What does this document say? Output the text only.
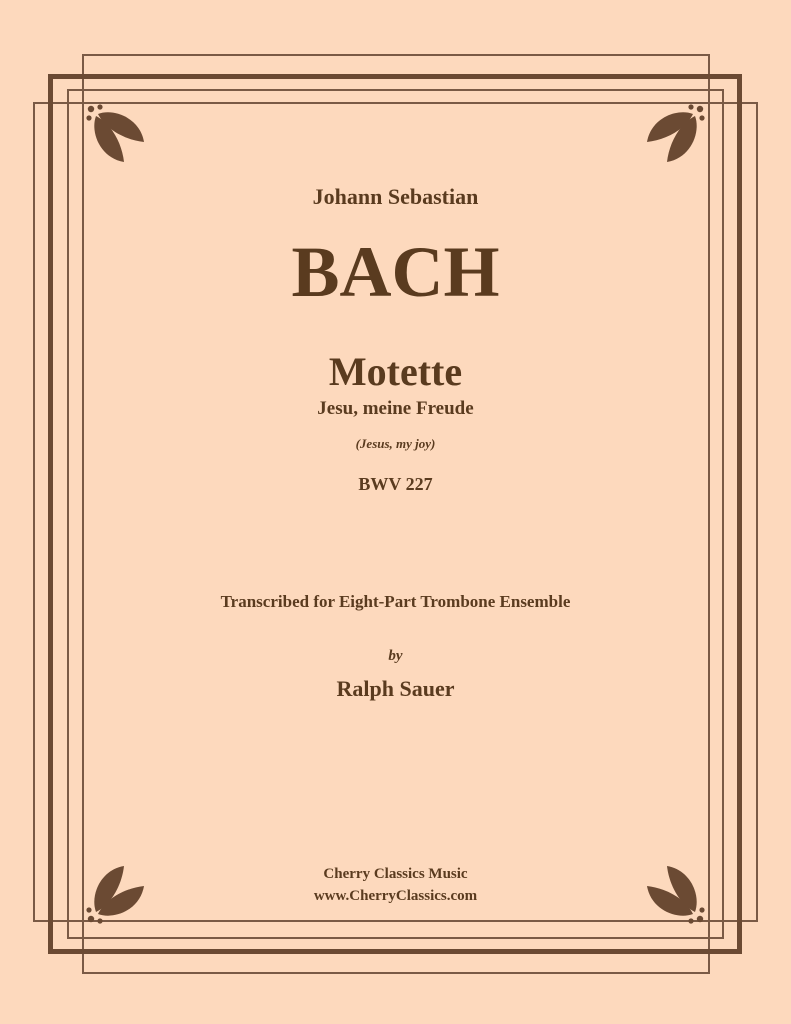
Johann Sebastian
BACH
Motette
Jesu, meine Freude
(Jesus, my joy)
BWV 227
Transcribed for Eight-Part Trombone Ensemble
by
Ralph Sauer
Cherry Classics Music
www.CherryClassics.com
